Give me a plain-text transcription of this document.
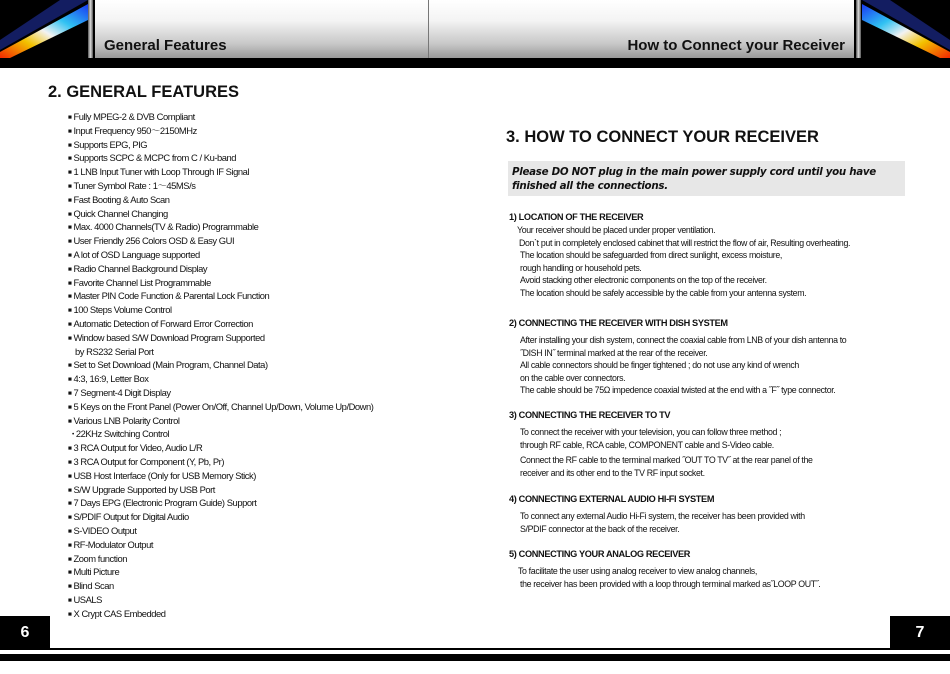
General Features	How to Connect your Receiver
2. GENERAL FEATURES
■ Fully MPEG-2 & DVB Compliant
■ Input Frequency 950～2150MHz
■ Supports EPG, PIG
■ Supports SCPC & MCPC from C / Ku-band
■ 1 LNB Input Tuner with Loop Through IF Signal
■ Tuner Symbol Rate : 1～45MS/s
■ Fast Booting & Auto Scan
■ Quick Channel Changing
■ Max. 4000 Channels(TV & Radio) Programmable
■ User Friendly 256 Colors OSD & Easy GUI
■ A lot of OSD Language supported
■ Radio Channel Background Display
■ Favorite Channel List Programmable
■ Master PIN Code Function & Parental Lock Function
■ 100 Steps Volume Control
■ Automatic Detection of Forward Error Correction
■ Window based S/W Download Program Supported
by RS232 Serial Port
■ Set to Set Download (Main Program, Channel Data)
■ 4:3, 16:9, Letter Box
■ 7 Segment-4 Digit Display
■ 5 Keys on the Front Panel (Power On/Off, Channel Up/Down, Volume Up/Down)
■ Various LNB Polarity Control
• 22KHz Switching Control
■ 3 RCA Output for Video, Audio L/R
■ 3 RCA Output for Component (Y, Pb, Pr)
■ USB Host Interface (Only for USB Memory Stick)
■ S/W Upgrade Supported by USB Port
■ 7 Days EPG (Electronic Program Guide) Support
■ S/PDIF Output for Digital Audio
■ S-VIDEO Output
■ RF-Modulator Output
■ Zoom function
■ Multi Picture
■ Blind Scan
■ USALS
■ X Crypt CAS Embedded
3. HOW TO CONNECT YOUR RECEIVER
Please DO NOT plug in the main power supply cord until you have finished all the connections.
1) LOCATION OF THE RECEIVER
Your receiver should be placed under proper ventilation.
Don`t put in completely enclosed cabinet that will restrict the flow of air, Resulting overheating.
The location should be safeguarded from direct sunlight, excess moisture,
rough handling or household pets.
Avoid stacking other electronic components on the top of the receiver.
The location should be safely accessible by the cable from your antenna system.
2) CONNECTING THE RECEIVER WITH DISH SYSTEM
After installing your dish system, connect the coaxial cable from LNB of your dish antenna to
˝DISH IN˝ terminal marked at the rear of the receiver.
All cable connectors should be finger tightened ; do not use any kind of wrench
on the cable over connectors.
The cable should be 75Ω impedence coaxial twisted at the end with a ˝F˝ type connector.
3) CONNECTING THE RECEIVER TO TV
To connect the receiver with your television, you can follow three method ;
through RF cable, RCA cable, COMPONENT cable and S-Video cable.
Connect the RF cable to the terminal marked ˝OUT TO TV˝ at the rear panel of the
receiver and its other end to the TV RF input socket.
4) CONNECTING EXTERNAL AUDIO HI-FI SYSTEM
To connect any external Audio Hi-Fi system, the receiver has been provided with
S/PDIF connector at the back of the receiver.
5) CONNECTING YOUR ANALOG RECEIVER
To facilitate the user using analog receiver to view analog channels,
the receiver has been provided with a loop through terminal marked as˝LOOP OUT˝.
6	7
